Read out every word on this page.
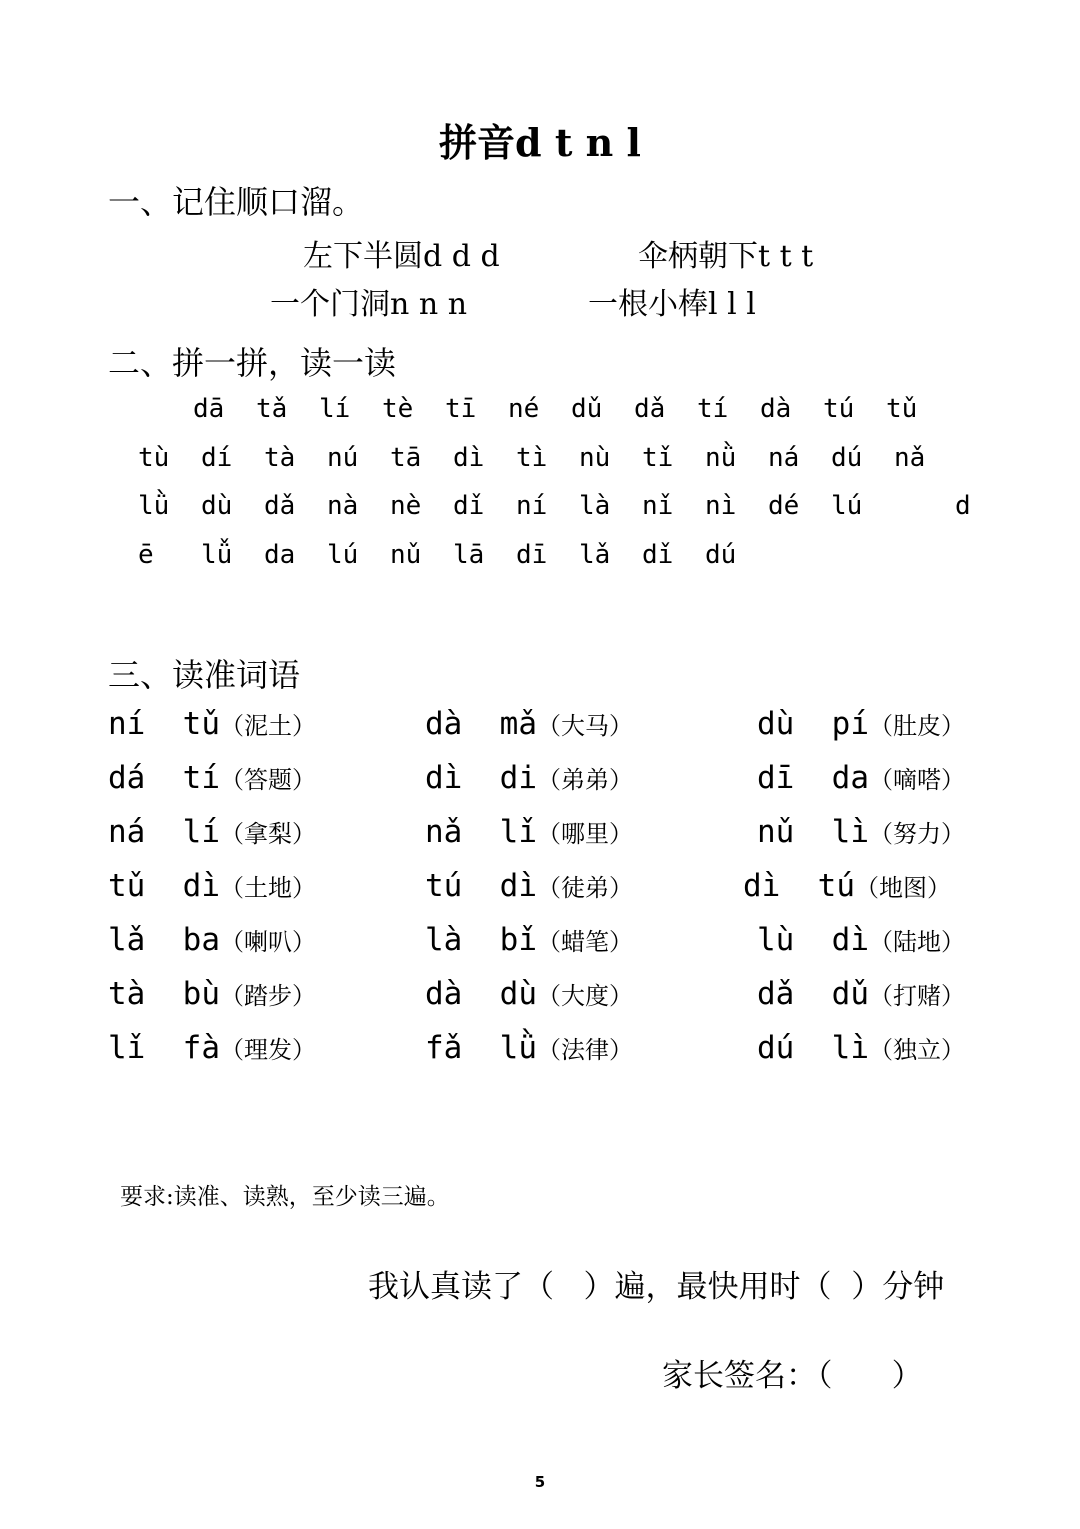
拼音d t n l
一、记住顺口溜。
左下半圆d d d	伞柄朝下t t t
一个门洞n n n	一根小棒l l l
二、拼一拼，读一读
dā tǎ lí tè tī né dǔ dǎ tí dà tú tǔ
tù dí tà nú tā dì tì nù tǐ nǜ ná dú nǎ
lǜ dù dǎ nà nè dǐ ní là nǐ nì dé lú	d
ē lǚ da lú nǔ lā dī lǎ dǐ dú
三、读准词语
ní  tǔ（泥土）	dà  mǎ（大马）	dù  pí（肚皮）
dá  tí（答题）	dì  di（弟弟）	dī  da（嘀嗒）
ná  lí（拿梨）	nǎ  lǐ（哪里）	nǔ  lì（努力）
tǔ  dì（土地）	tú  dì（徒弟）	dì  tú（地图）
lǎ  ba（喇叭）	là  bǐ（蜡笔）	lù  dì（陆地）
tà  bù（踏步）	dà  dù（大度）	dǎ  dǔ（打赌）
lǐ  fà（理发）	fǎ  lǜ（法律）	dú  lì（独立）
要求:读准、读熟，至少读三遍。
我认真读了（   ）遍，最快用时（  ）分钟
家长签名：（      ）
5
